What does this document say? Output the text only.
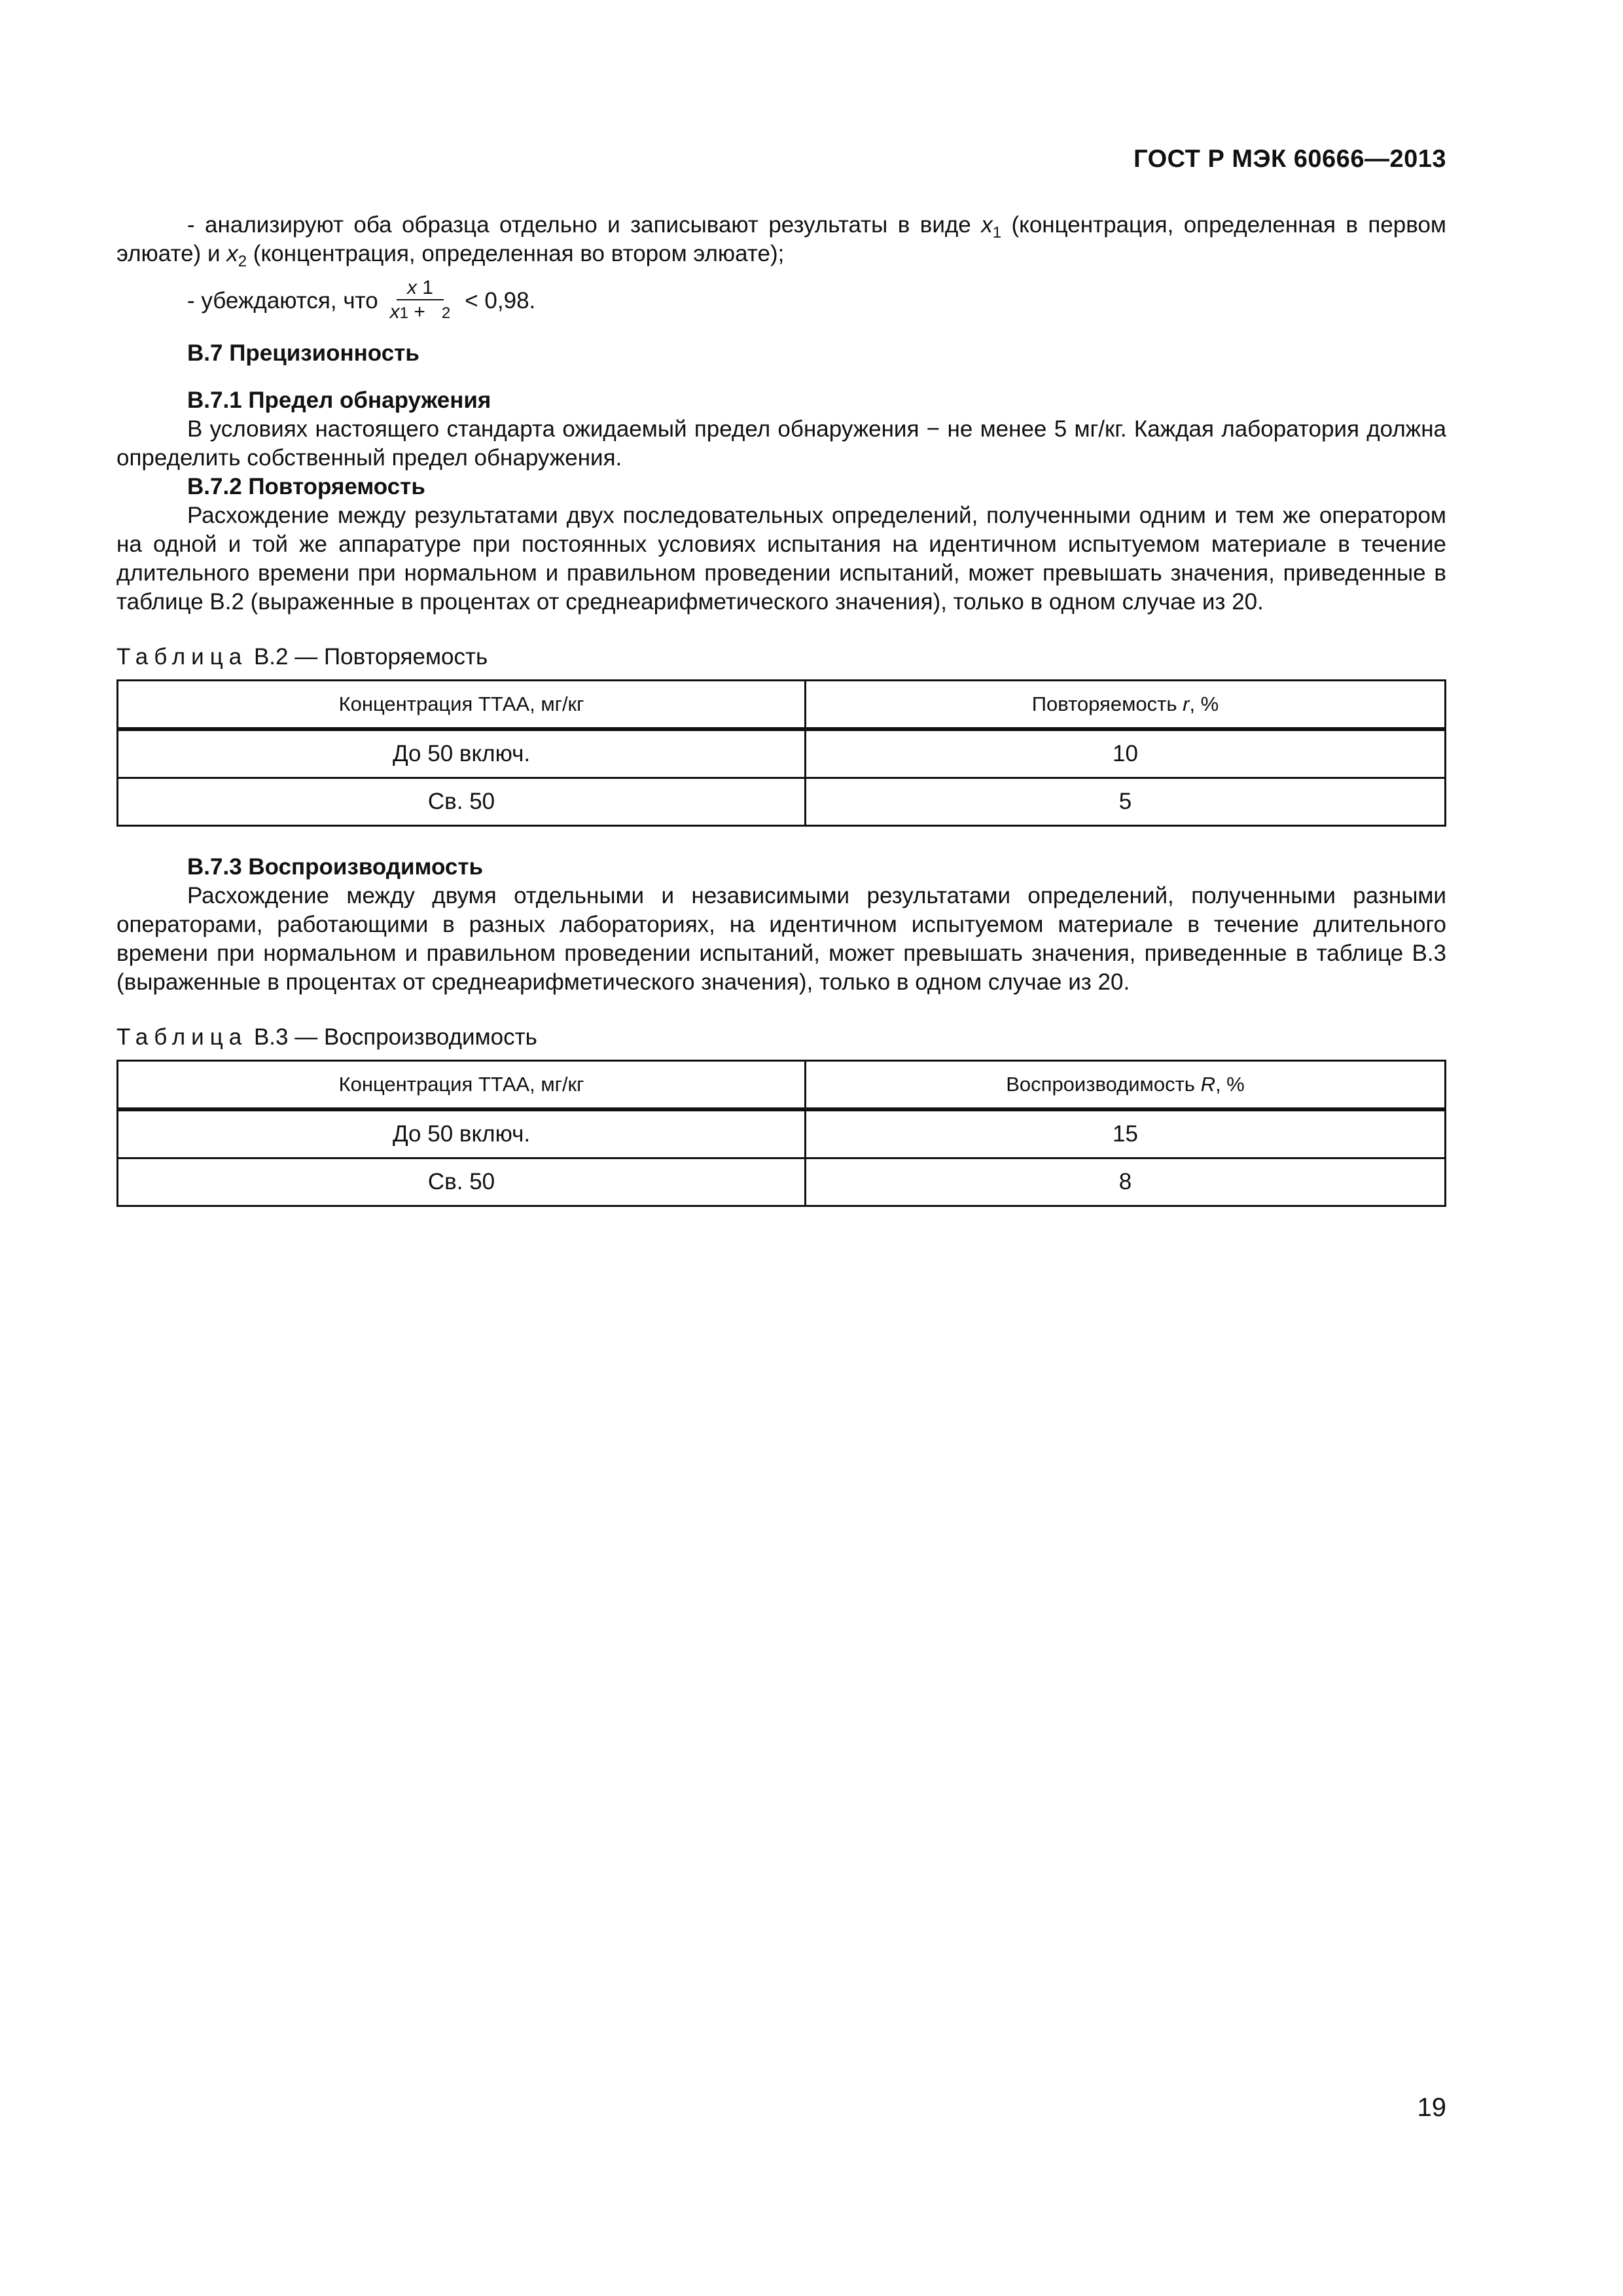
ГОСТ Р МЭК 60666—2013

- анализируют оба образца отдельно и записывают результаты в виде $x_1$ (концентрация, определенная в первом элюате) и $x_2$ (концентрация, определенная во втором элюате);

- убеждаются, что $\frac{x 1}{x1 + 2} < 0,98$.
B.7 Прецизионность
B.7.1 Предел обнаружения

В условиях настоящего стандарта ожидаемый предел обнаружения − не менее 5 мг/кг. Каждая лаборатория должна определить собственный предел обнаружения.

B.7.2 Повторяемость

Расхождение между результатами двух последовательных определений, полученными одним и тем же оператором на одной и той же аппаратуре при постоянных условиях испытания на идентичном испытуемом материале в течение длительного времени при нормальном и правильном проведении испытаний, может превышать значения, приведенные в таблице B.2 (выраженные в процентах от среднеарифметического значения), только в одном случае из 20.

Таблица B.2 — Повторяемость
Концентрация ТТАА, мг/кг	Повторяемость r, %
До 50 включ.	10
Св. 50	5
B.7.3 Воспроизводимость

Расхождение между двумя отдельными и независимыми результатами определений, полученными разными операторами, работающими в разных лабораториях, на идентичном испытуемом материале в течение длительного времени при нормальном и правильном проведении испытаний, может превышать значения, приведенные в таблице B.3 (выраженные в процентах от среднеарифметического значения), только в одном случае из 20.

Таблица B.3 — Воспроизводимость
Концентрация ТТАА, мг/кг	Воспроизводимость R, %
До 50 включ.	15
Св. 50	8
19
